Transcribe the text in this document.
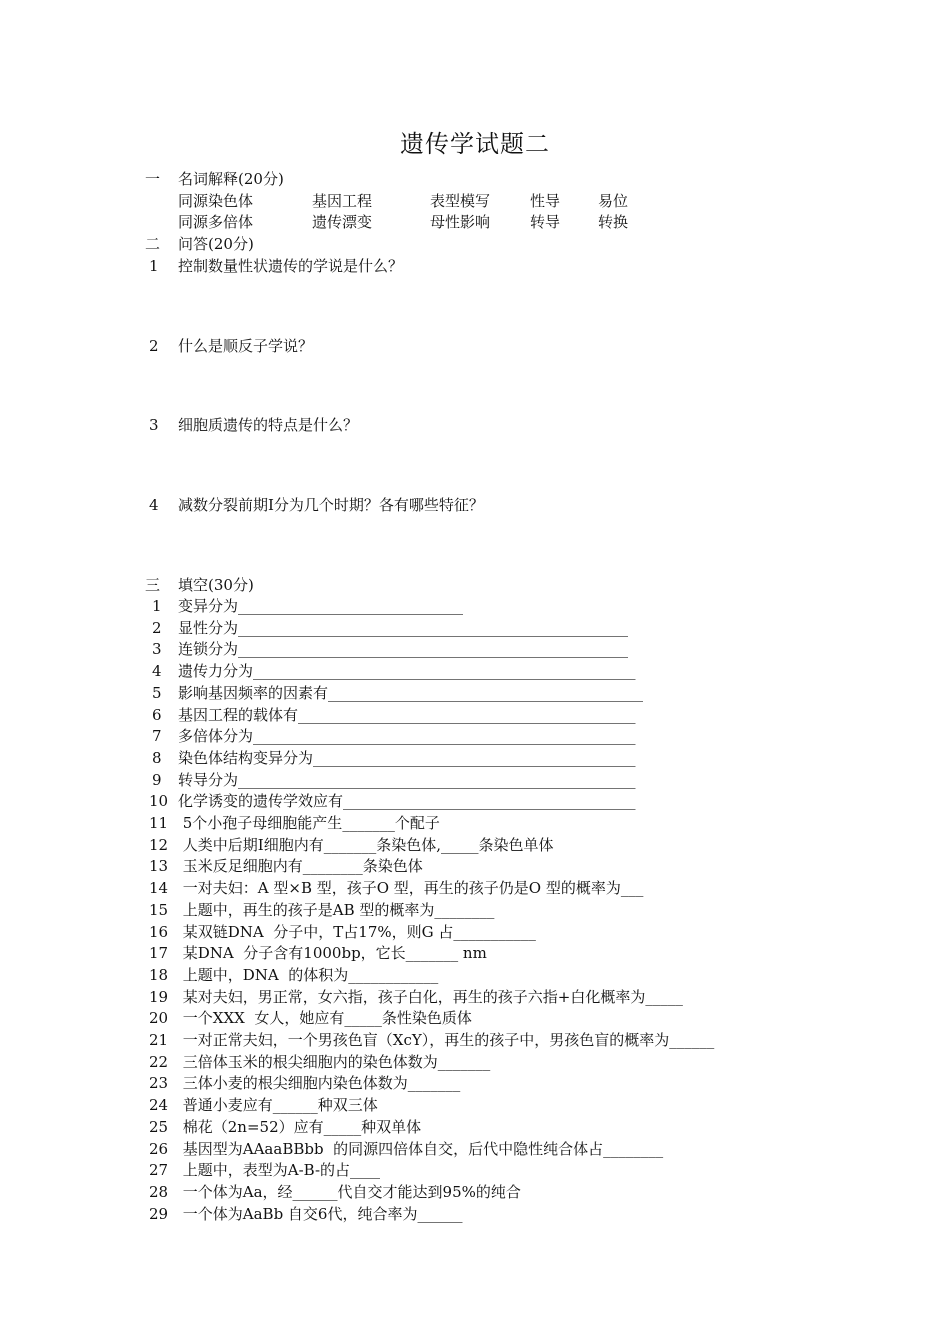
遗传学试题二

一

名词解释(20分)

同源染色体	基因工程	表型模写	性导	易位
同源多倍体	遗传漂变	母性影响	转导	转换

二

问答(20分)

1

控制数量性状遗传的学说是什么？

2

什么是顺反子学说？

3

细胞质遗传的特点是什么？

4

减数分裂前期Ⅰ分为几个时期？各有哪些特征？

三

填空(30分)

1 变异分为______________________________
2 显性分为____________________________________________________
3 连锁分为____________________________________________________
4 遗传力分为___________________________________________________
5 影响基因频率的因素有__________________________________________
6 基因工程的载体有_____________________________________________
7 多倍体分为___________________________________________________
8 染色体结构变异分为___________________________________________
9 转导分为_____________________________________________________
10 化学诱变的遗传学效应有_______________________________________
11 5个小孢子母细胞能产生_______个配子
12 人类中后期Ⅰ细胞内有_______条染色体,_____条染色单体
13 玉米反足细胞内有________条染色体
14 一对夫妇：A 型×B 型，孩子O 型，再生的孩子仍是O 型的概率为___
15 上题中，再生的孩子是AB 型的概率为________
16 某双链DNA  分子中，T占17%，则G 占___________
17 某DNA  分子含有1000bp，它长_______ nm
18 上题中，DNA  的体积为____________
19 某对夫妇，男正常，女六指，孩子白化，再生的孩子六指+白化概率为_____
20 一个XXX  女人，她应有_____条性染色质体
21 一对正常夫妇，一个男孩色盲（XcY），再生的孩子中，男孩色盲的概率为______
22 三倍体玉米的根尖细胞内的染色体数为_______
23 三体小麦的根尖细胞内染色体数为_______
24 普通小麦应有______种双三体
25 棉花（2n=52）应有_____种双单体
26 基因型为AAaaBBbb  的同源四倍体自交，后代中隐性纯合体占________
27 上题中，表型为A-B-的占____
28 一个体为Aa，经______代自交才能达到95%的纯合
29 一个体为AaBb 自交6代，纯合率为______
